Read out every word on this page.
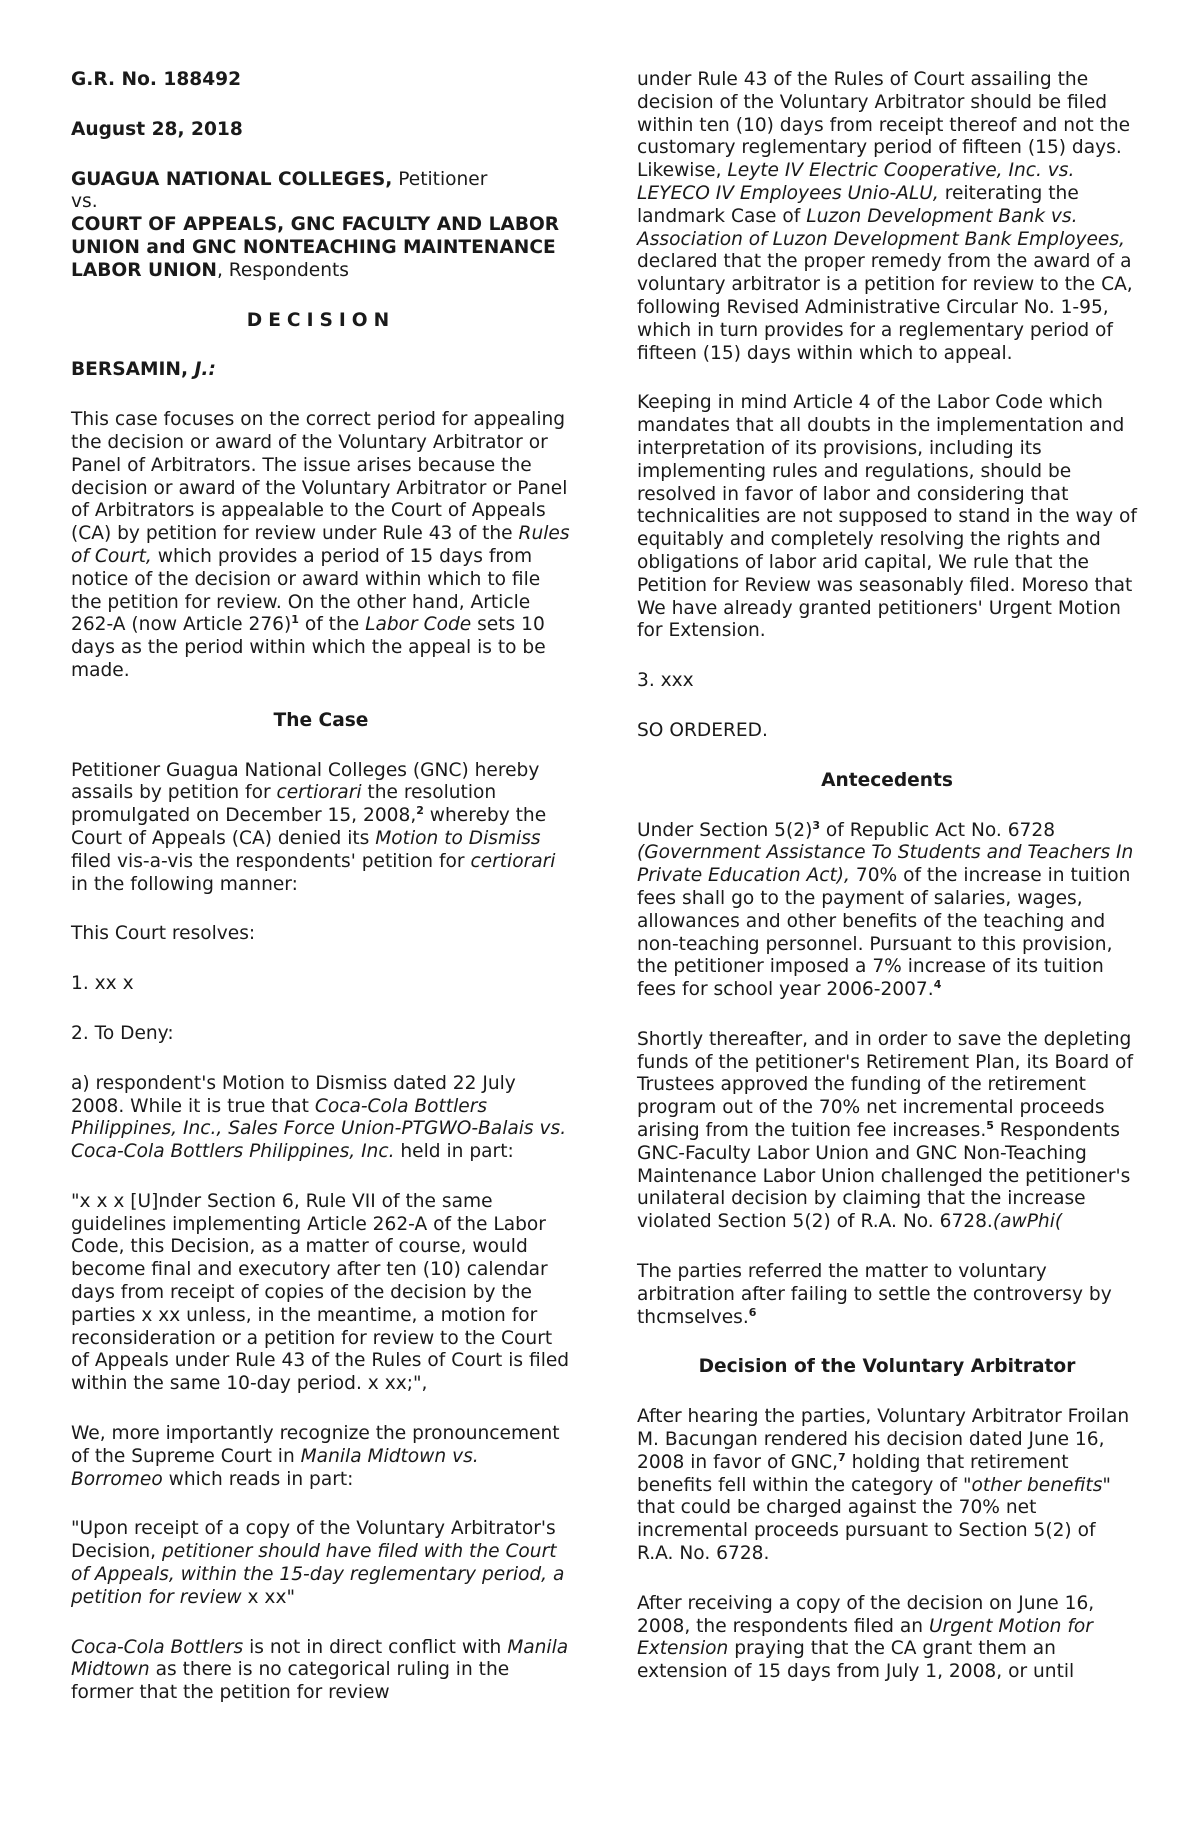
G.R. No. 188492

August 28, 2018

GUAGUA NATIONAL COLLEGES, Petitioner
vs.
COURT OF APPEALS, GNC FACULTY AND LABOR UNION and GNC NONTEACHING MAINTENANCE LABOR UNION, Respondents

DECISION

BERSAMIN, J.:

This case focuses on the correct period for appealing the decision or award of the Voluntary Arbitrator or Panel of Arbitrators. The issue arises because the decision or award of the Voluntary Arbitrator or Panel of Arbitrators is appealable to the Court of Appeals (CA) by petition for review under Rule 43 of the Rules of Court, which provides a period of 15 days from notice of the decision or award within which to file the petition for review. On the other hand, Article 262-A (now Article 276)$^1$ of the Labor Code sets 10 days as the period within which the appeal is to be made.

The Case

Petitioner Guagua National Colleges (GNC) hereby assails by petition for certiorari the resolution promulgated on December 15, 2008,$^2$ whereby the Court of Appeals (CA) denied its Motion to Dismiss filed vis-a-vis the respondents' petition for certiorari in the following manner:

This Court resolves:

1. xx x

2. To Deny:

a) respondent's Motion to Dismiss dated 22 July 2008. While it is true that Coca-Cola Bottlers Philippines, Inc., Sales Force Union-PTGWO-Balais vs. Coca-Cola Bottlers Philippines, Inc. held in part:

"x x x [U]nder Section 6, Rule VII of the same guidelines implementing Article 262-A of the Labor Code, this Decision, as a matter of course, would become final and executory after ten (10) calendar days from receipt of copies of the decision by the parties x xx unless, in the meantime, a motion for reconsideration or a petition for review to the Court of Appeals under Rule 43 of the Rules of Court is filed within the same 10-day period. x xx;",

We, more importantly recognize the pronouncement of the Supreme Court in Manila Midtown vs. Borromeo which reads in part:

"Upon receipt of a copy of the Voluntary Arbitrator's Decision, petitioner should have filed with the Court of Appeals, within the 15-day reglementary period, a petition for review x xx"

Coca-Cola Bottlers is not in direct conflict with Manila Midtown as there is no categorical ruling in the former that the petition for review

under Rule 43 of the Rules of Court assailing the decision of the Voluntary Arbitrator should be filed within ten (10) days from receipt thereof and not the customary reglementary period of fifteen (15) days. Likewise, Leyte IV Electric Cooperative, Inc. vs. LEYECO IV Employees Unio-ALU, reiterating the landmark Case of Luzon Development Bank vs. Association of Luzon Development Bank Employees, declared that the proper remedy from the award of a voluntary arbitrator is a petition for review to the CA, following Revised Administrative Circular No. 1-95, which in turn provides for a reglementary period of fifteen (15) days within which to appeal.

Keeping in mind Article 4 of the Labor Code which mandates that all doubts in the implementation and interpretation of its provisions, including its implementing rules and regulations, should be resolved in favor of labor and considering that technicalities are not supposed to stand in the way of equitably and completely resolving the rights and obligations of labor arid capital, We rule that the Petition for Review was seasonably filed. Moreso that We have already granted petitioners' Urgent Motion for Extension.

3. xxx

SO ORDERED.

Antecedents

Under Section $5(2)^3$ of Republic Act No. 6728 (Government Assistance To Students and Teachers In Private Education Act), 70% of the increase in tuition fees shall go to the payment of salaries, wages, allowances and other benefits of the teaching and non-teaching personnel. Pursuant to this provision, the petitioner imposed a 7% increase of its tuition fees for school year 2006-2007.$^4$

Shortly thereafter, and in order to save the depleting funds of the petitioner's Retirement Plan, its Board of Trustees approved the funding of the retirement program out of the 70% net incremental proceeds arising from the tuition fee increases.$^5$ Respondents GNC-Faculty Labor Union and GNC Non-Teaching Maintenance Labor Union challenged the petitioner's unilateral decision by claiming that the increase violated Section 5(2) of R.A. No. 6728.(awPhi(

The parties referred the matter to voluntary arbitration after failing to settle the controversy by thcmselves.$^6$

Decision of the Voluntary Arbitrator

After hearing the parties, Voluntary Arbitrator Froilan M. Bacungan rendered his decision dated June 16, 2008 in favor of GNC,$^7$ holding that retirement benefits fell within the category of "other benefits" that could be charged against the 70% net incremental proceeds pursuant to Section 5(2) of R.A. No. 6728.

After receiving a copy of the decision on June 16, 2008, the respondents filed an Urgent Motion for Extension praying that the CA grant them an extension of 15 days from July 1, 2008, or until
